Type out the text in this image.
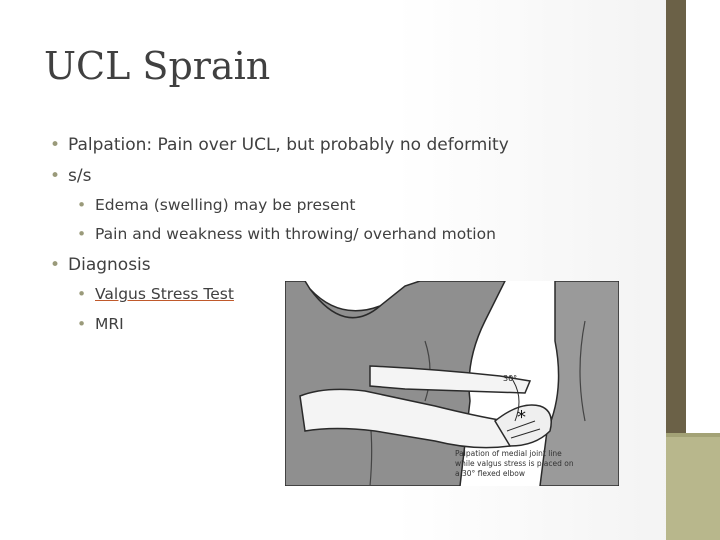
UCL Sprain
• Palpation: Pain over UCL, but probably no deformity
• s/s
• Edema (swelling) may be present
• Pain and weakness with throwing/ overhand motion
• Diagnosis
• Valgus Stress Test
• MRI
*
30°
Palpation of medial joint line
while valgus stress is placed on
a 30° flexed elbow
